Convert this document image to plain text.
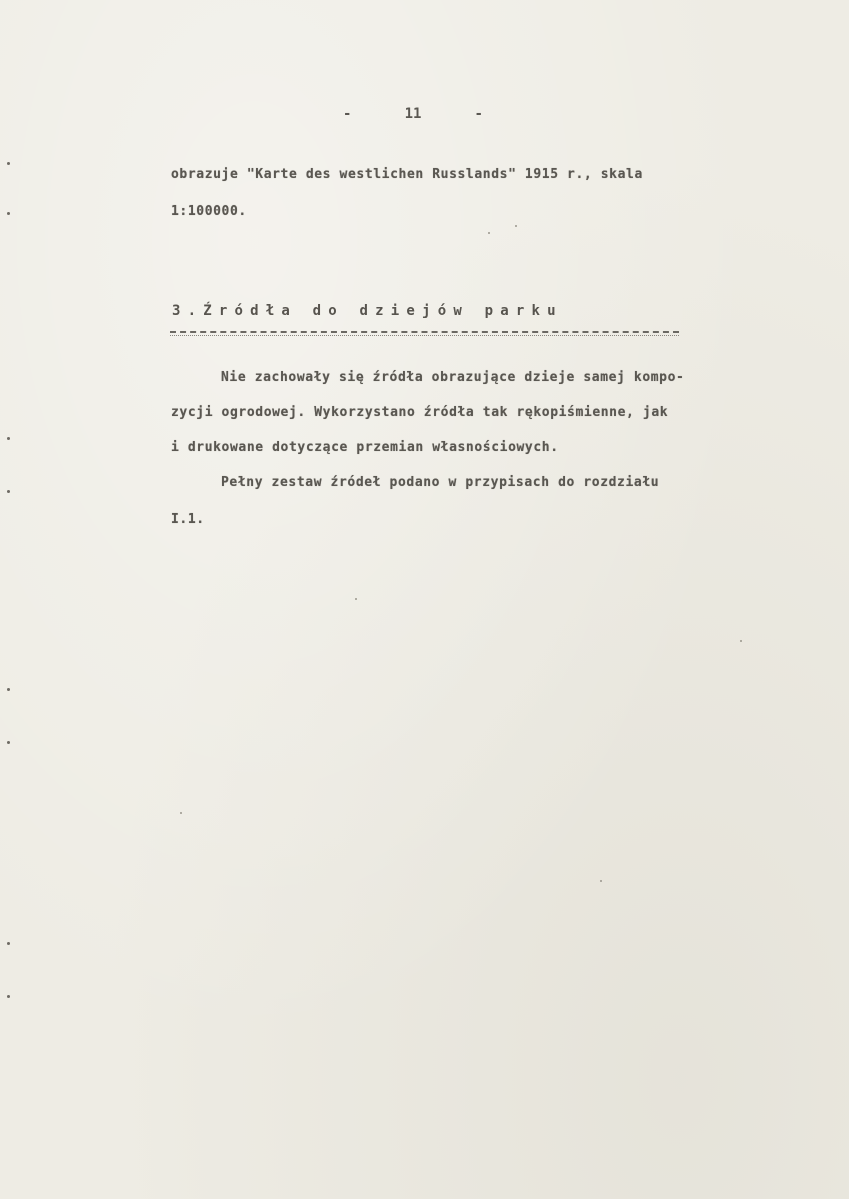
-	11	-
obrazuje "Karte des westlichen Russlands" 1915 r., skala
1:100000.
3.Źródła do dziejów parku
Nie zachowały się źródła obrazujące dzieje samej kompo-
zycji ogrodowej. Wykorzystano źródła tak rękopiśmienne, jak
i drukowane dotyczące przemian własnościowych.
Pełny zestaw źródeł podano w przypisach do rozdziału
I.1.
